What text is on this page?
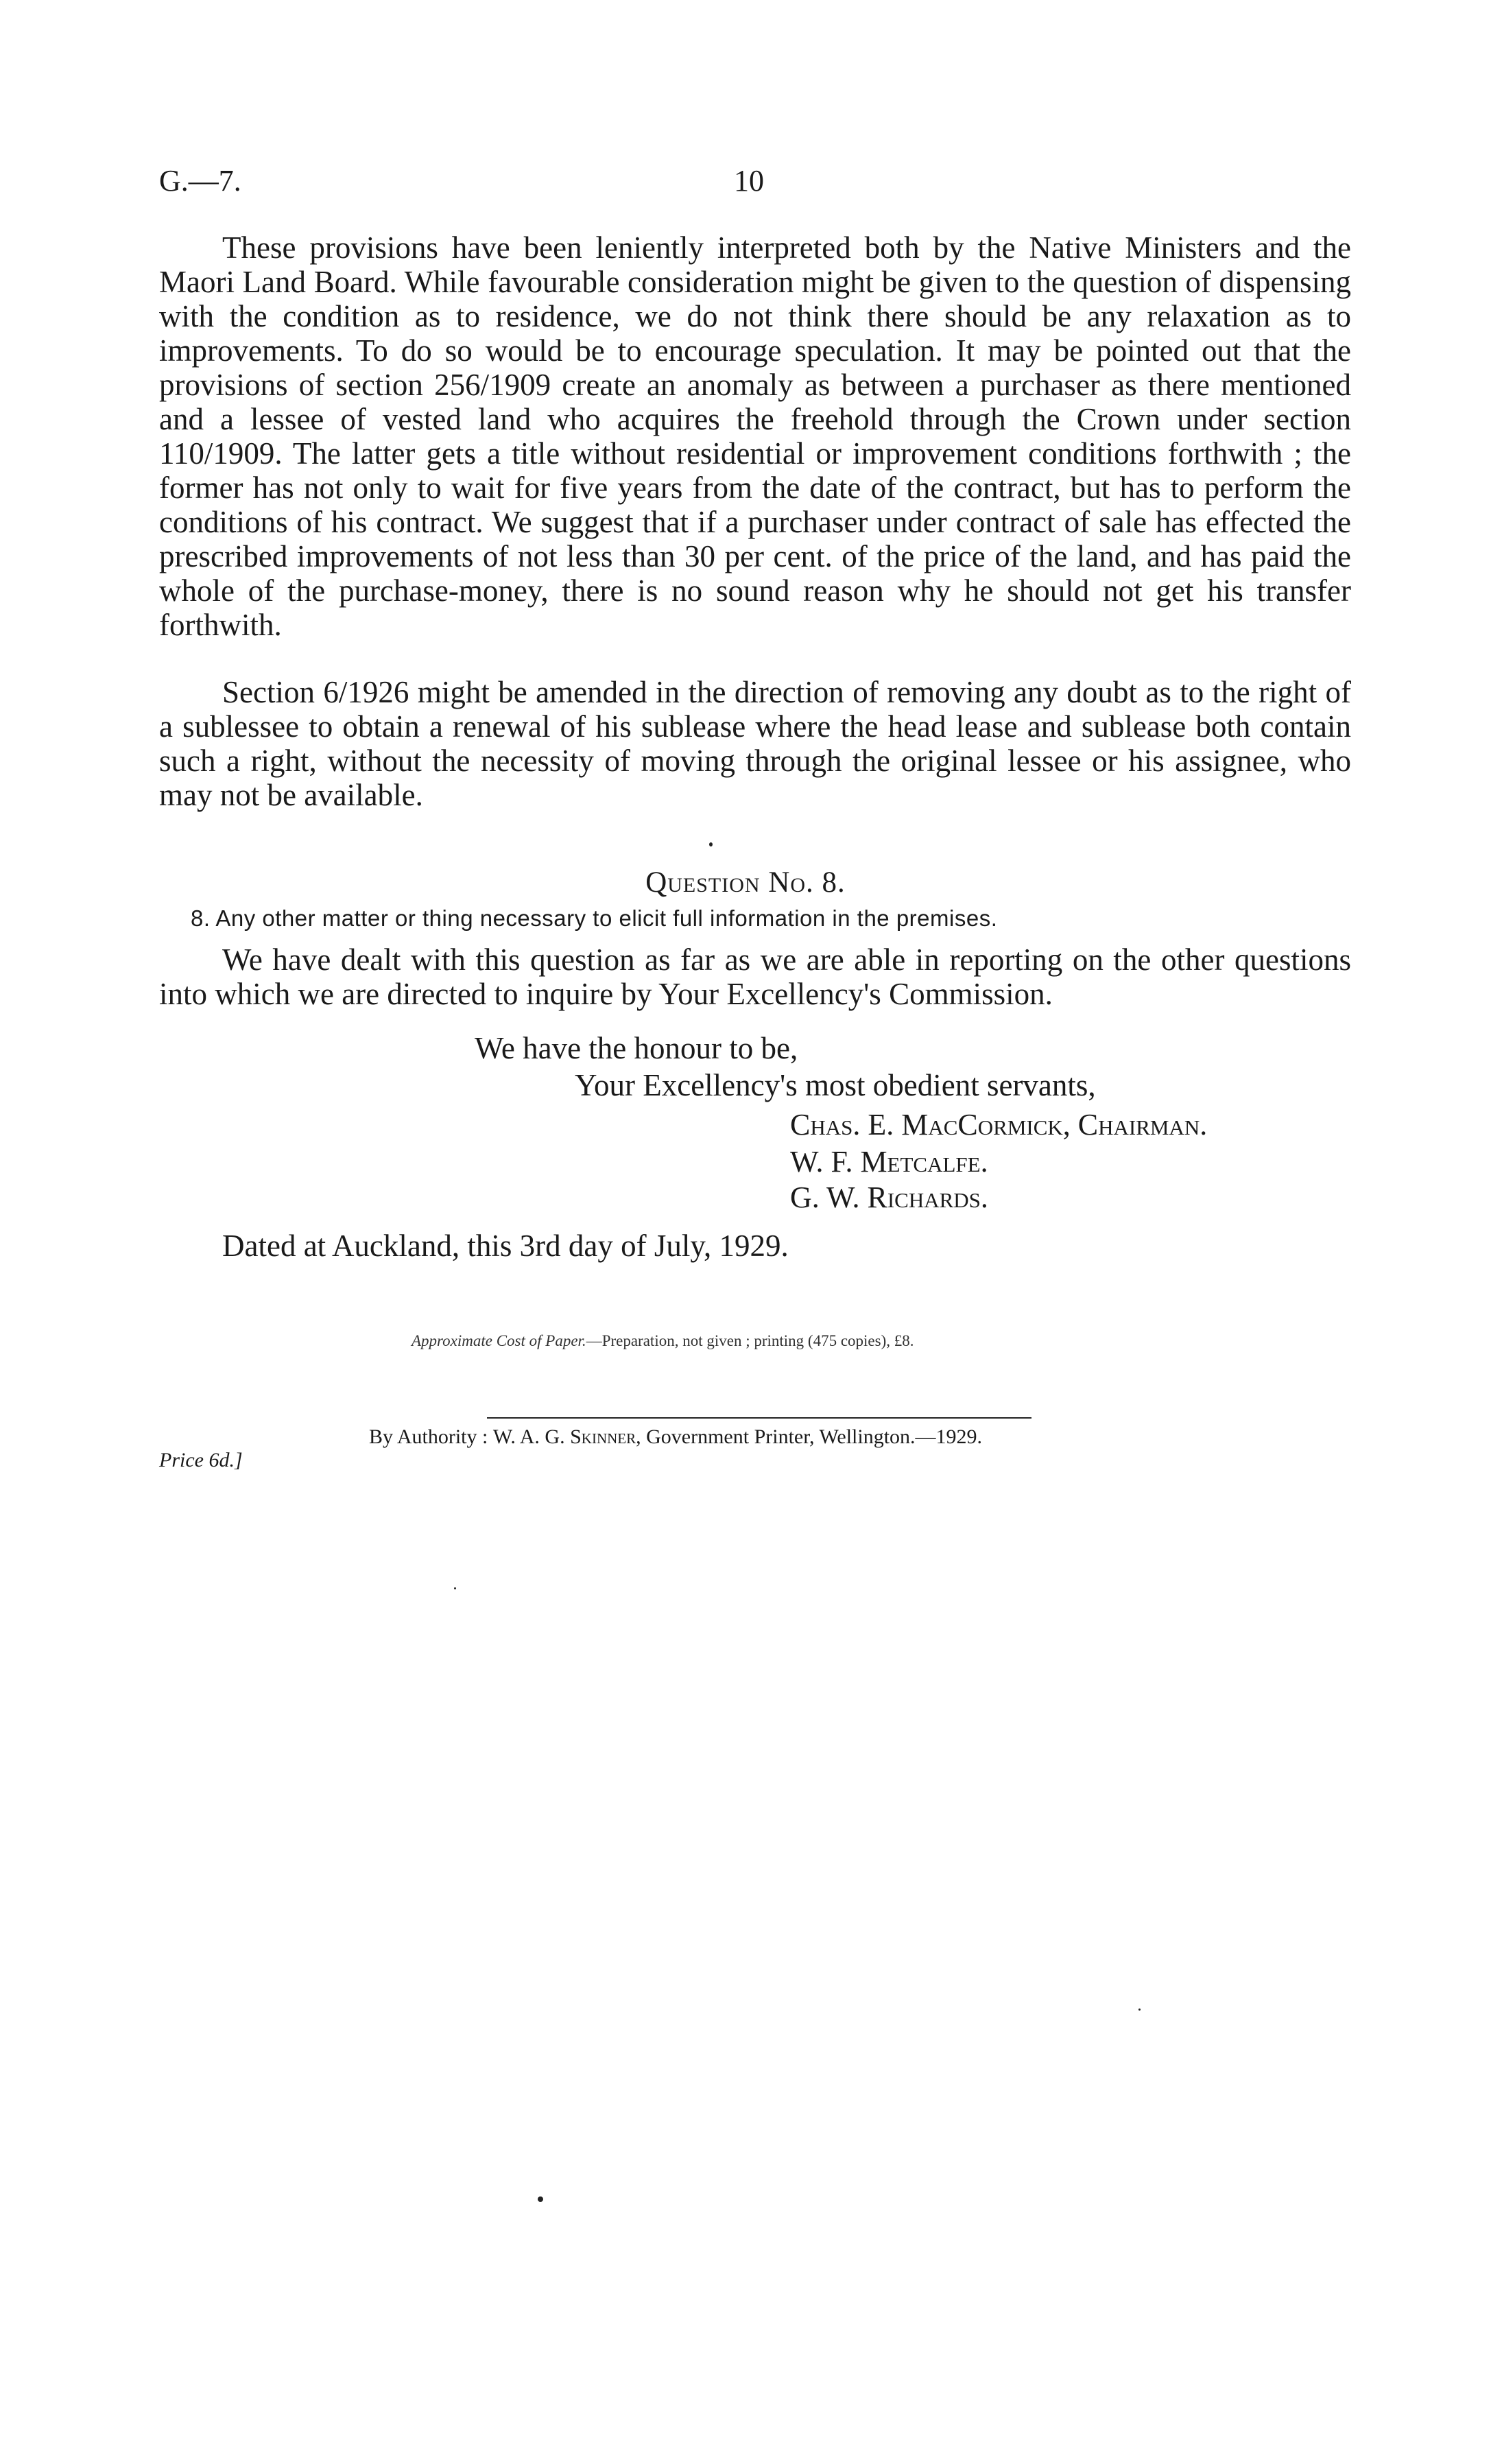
G.—7.	10

These provisions have been leniently interpreted both by the Native Ministers and the Maori Land Board. While favourable consideration might be given to the question of dispensing with the condition as to residence, we do not think there should be any relaxation as to improvements. To do so would be to encourage speculation. It may be pointed out that the provisions of section 256/1909 create an anomaly as between a purchaser as there mentioned and a lessee of vested land who acquires the freehold through the Crown under section 110/1909. The latter gets a title without residential or improvement conditions forthwith ; the former has not only to wait for five years from the date of the contract, but has to perform the conditions of his contract. We suggest that if a purchaser under contract of sale has effected the prescribed improvements of not less than 30 per cent. of the price of the land, and has paid the whole of the purchase-money, there is no sound reason why he should not get his transfer forthwith.

Section 6/1926 might be amended in the direction of removing any doubt as to the right of a sublessee to obtain a renewal of his sublease where the head lease and sublease both contain such a right, without the necessity of moving through the original lessee or his assignee, who may not be available.

Question No. 8.
8. Any other matter or thing necessary to elicit full information in the premises.

We have dealt with this question as far as we are able in reporting on the other questions into which we are directed to inquire by Your Excellency's Commission.

We have the honour to be,
Your Excellency's most obedient servants,
Chas. E. MacCormick, Chairman.
W. F. Metcalfe.
G. W. Richards.
Dated at Auckland, this 3rd day of July, 1929.
Approximate Cost of Paper.—Preparation, not given ; printing (475 copies), £8.
By Authority : W. A. G. Skinner, Government Printer, Wellington.—1929.
Price 6d.]
